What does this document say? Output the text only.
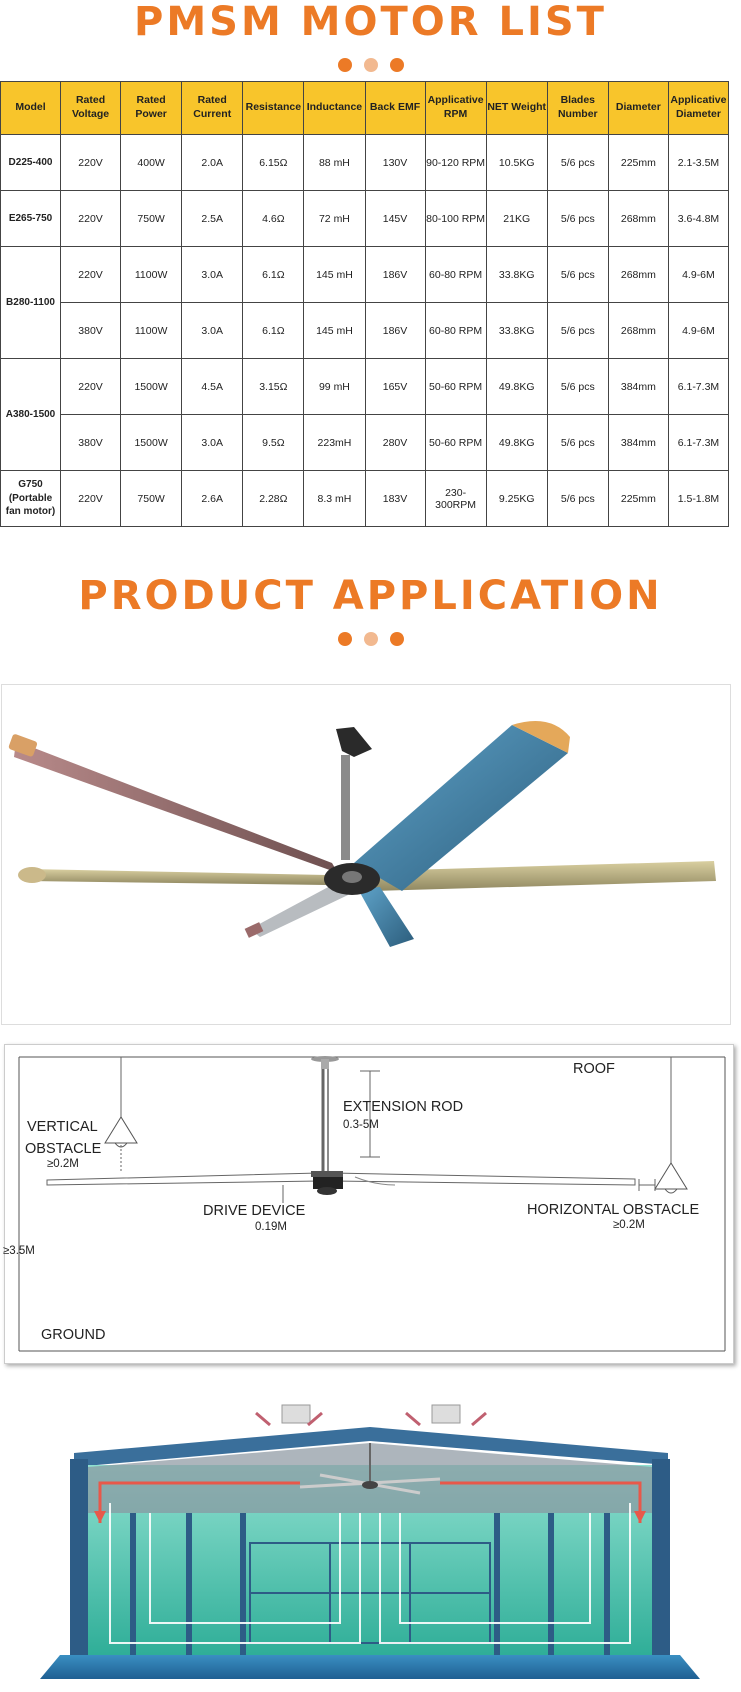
PMSM MOTOR LIST
Model	Rated Voltage	Rated Power	Rated Current	Resistance	Inductance	Back EMF	Applicative RPM	NET Weight	Blades Number	Diameter	Applicative Diameter
D225-400	220V	400W	2.0A	6.15Ω	88 mH	130V	90-120 RPM	10.5KG	5/6 pcs	225mm	2.1-3.5M
E265-750	220V	750W	2.5A	4.6Ω	72 mH	145V	80-100 RPM	21KG	5/6 pcs	268mm	3.6-4.8M
B280-1100	220V	1100W	3.0A	6.1Ω	145 mH	186V	60-80 RPM	33.8KG	5/6 pcs	268mm	4.9-6M
	380V	1100W	3.0A	6.1Ω	145 mH	186V	60-80 RPM	33.8KG	5/6 pcs	268mm	4.9-6M
A380-1500	220V	1500W	4.5A	3.15Ω	99 mH	165V	50-60 RPM	49.8KG	5/6 pcs	384mm	6.1-7.3M
	380V	1500W	3.0A	9.5Ω	223mH	280V	50-60 RPM	49.8KG	5/6 pcs	384mm	6.1-7.3M
G750 (Portable fan motor)	220V	750W	2.6A	2.28Ω	8.3 mH	183V	230-300RPM	9.25KG	5/6 pcs	225mm	1.5-1.8M
PRODUCT APPLICATION
ROOF
EXTENSION ROD
0.3-5M
VERTICAL
OBSTACLE
≥0.2M
DRIVE DEVICE
0.19M
HORIZONTAL OBSTACLE
≥0.2M
≥3.5M
GROUND
